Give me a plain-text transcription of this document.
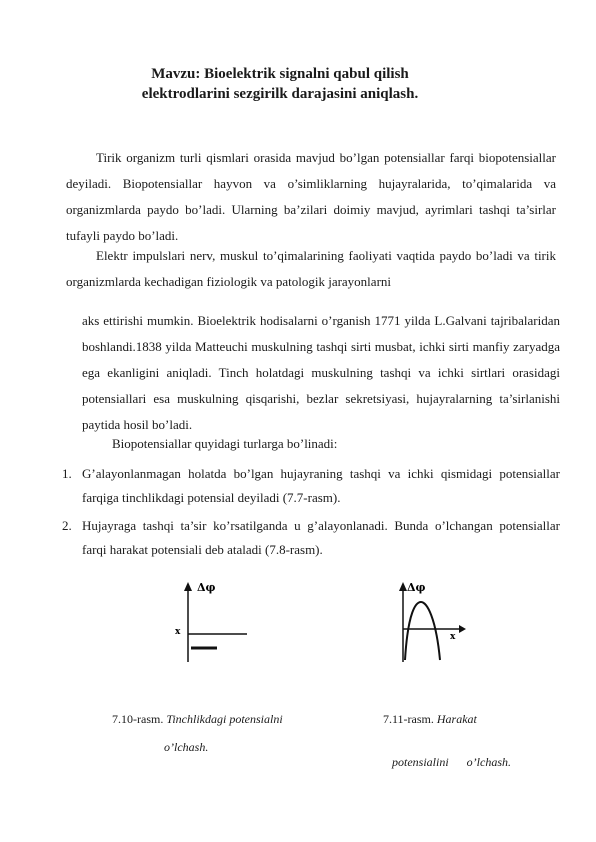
Mavzu: Bioelektrik signalni qabul qilish
elektrodlarini sezgirilk darajasini aniqlash.

Tirik organizm turli qismlari orasida mavjud bo’lgan potensiallar farqi biopotensiallar deyiladi. Biopotensiallar hayvon va o’simliklarning hujayralarida, to’qimalarida va organizmlarda paydo bo’ladi. Ularning ba’zilari doimiy mavjud, ayrimlari tashqi ta’sirlar tufayli paydo bo’ladi.

Elektr impulslari nerv, muskul to’qimalarining faoliyati vaqtida paydo bo’ladi va tirik organizmlarda kechadigan fiziologik va patologik jarayonlarni

aks ettirishi mumkin. Bioelektrik hodisalarni o’rganish 1771 yilda L.Galvani tajribalaridan boshlandi.1838 yilda Matteuchi muskulning tashqi sirti musbat, ichki sirti manfiy zaryadga ega ekanligini aniqladi. Tinch holatdagi muskulning tashqi va ichki sirtlari orasidagi potensiallari esa muskulning qisqarishi, bezlar sekretsiyasi, hujayralarning ta’sirlanishi paytida hosil bo’ladi.

Biopotensiallar quyidagi turlarga bo’linadi:
1. G’alayonlanmagan holatda bo’lgan hujayraning tashqi va ichki qismidagi potensiallar farqiga tinchlikdagi potensial deyiladi (7.7-rasm).
2. Hujayraga tashqi ta’sir ko’rsatilganda u g’alayonlanadi. Bunda o’lchangan potensiallar farqi harakat potensiali deb ataladi (7.8-rasm).
Δφ
x
Δφ
x
7.10-rasm. Tinchlikdagi potensialni
o’lchash.
7.11-rasm. Harakat

potensialini      o’lchash.
